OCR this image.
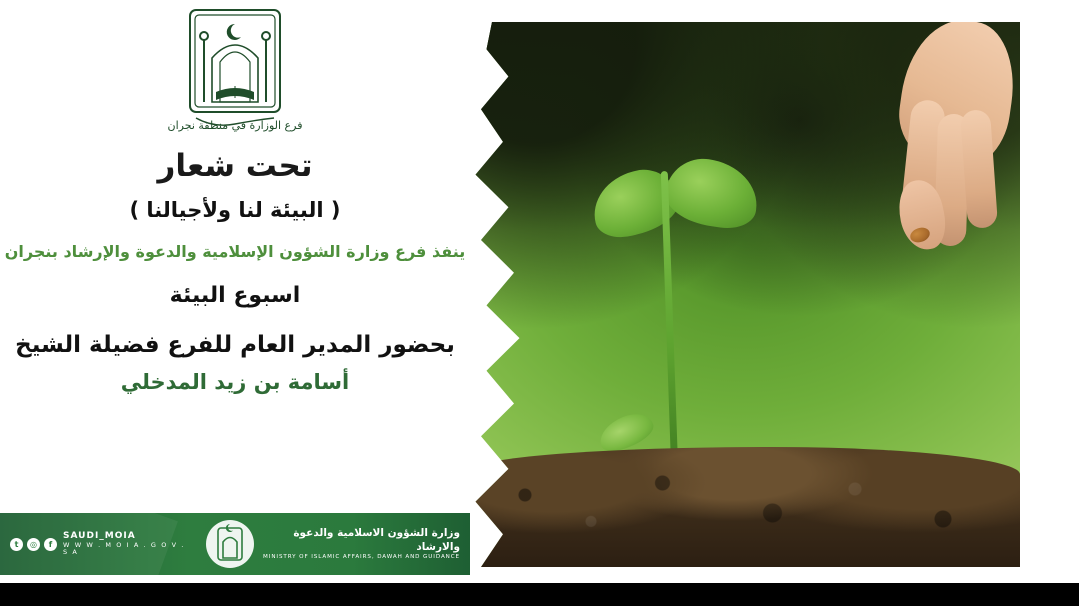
فرع الوزارة في منطقة نجران
تحت شعار
( البيئة لنا ولأجيالنا )
ينفذ فرع وزارة الشؤون الإسلامية والدعوة والإرشاد بنجران
اسبوع البيئة
بحضور المدير العام للفرع فضيلة الشيخ
أسامة بن زيد المدخلي
t	◎	f
SAUDI_MOIA
W W W . M O I A . G O V . S A
وزارة الشؤون الاسلامية والدعوة والارشاد
MINISTRY OF ISLAMIC AFFAIRS, DAWAH AND GUIDANCE
